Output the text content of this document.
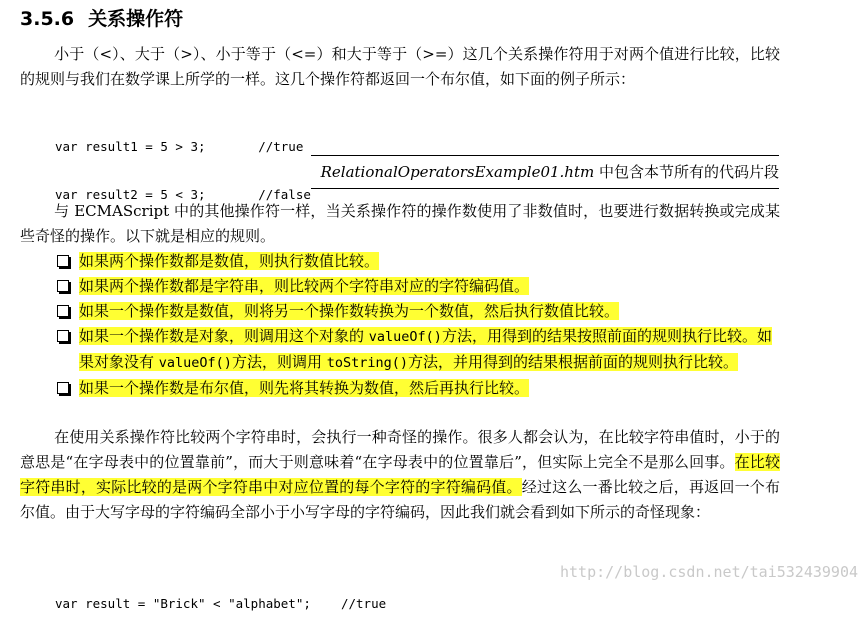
3.5.6 关系操作符
小于（<）、大于（>）、小于等于（<=）和大于等于（>=）这几个关系操作符用于对两个值进行比较，比较的规则与我们在数学课上所学的一样。这几个操作符都返回一个布尔值，如下面的例子所示：

var result1 = 5 > 3;       //true

var result2 = 5 < 3;       //false

RelationalOperatorsExample01.htm 中包含本节所有的代码片段
与 ECMAScript 中的其他操作符一样，当关系操作符的操作数使用了非数值时，也要进行数据转换或完成某些奇怪的操作。以下就是相应的规则。
如果两个操作数都是数值，则执行数值比较。
如果两个操作数都是字符串，则比较两个字符串对应的字符编码值。
如果一个操作数是数值，则将另一个操作数转换为一个数值，然后执行数值比较。
如果一个操作数是对象，则调用这个对象的 valueOf()方法，用得到的结果按照前面的规则执行比较。如果对象没有 valueOf()方法，则调用 toString()方法，并用得到的结果根据前面的规则执行比较。
如果一个操作数是布尔值，则先将其转换为数值，然后再执行比较。
在使用关系操作符比较两个字符串时，会执行一种奇怪的操作。很多人都会认为，在比较字符串值时，小于的意思是“在字母表中的位置靠前”，而大于则意味着“在字母表中的位置靠后”，但实际上完全不是那么回事。在比较字符串时，实际比较的是两个字符串中对应位置的每个字符的字符编码值。经过这么一番比较之后，再返回一个布尔值。由于大写字母的字符编码全部小于小写字母的字符编码，因此我们就会看到如下所示的奇怪现象：

var result = "Brick" < "alphabet";    //true

http://blog.csdn.net/tai532439904
